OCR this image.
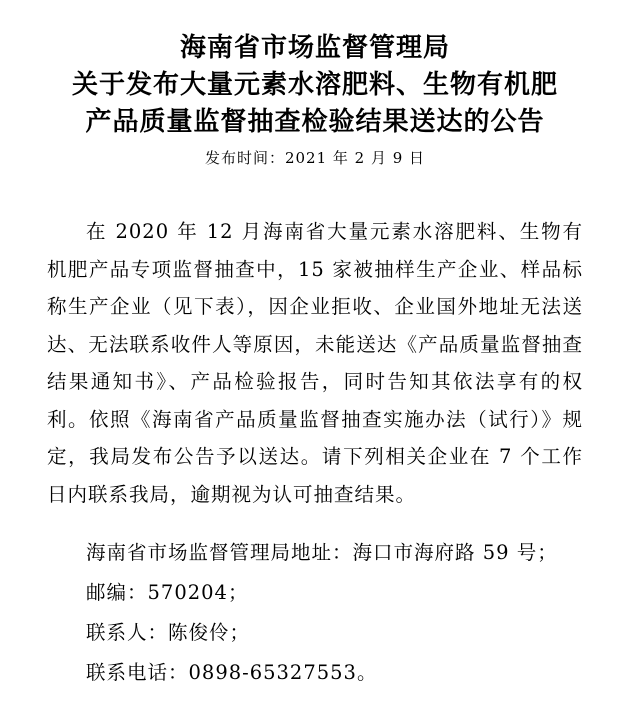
海南省市场监督管理局
关于发布大量元素水溶肥料、生物有机肥
产品质量监督抽查检验结果送达的公告
发布时间：2021 年 2 月 9 日

在 2020 年 12 月海南省大量元素水溶肥料、生物有机肥产品专项监督抽查中，15 家被抽样生产企业、样品标称生产企业（见下表），因企业拒收、企业国外地址无法送达、无法联系收件人等原因，未能送达《产品质量监督抽查结果通知书》、产品检验报告，同时告知其依法享有的权利。依照《海南省产品质量监督抽查实施办法（试行）》规定，我局发布公告予以送达。请下列相关企业在 7 个工作日内联系我局，逾期视为认可抽查结果。

海南省市场监督管理局地址：海口市海府路 59 号；

邮编：570204；

联系人：陈俊伶；

联系电话：0898-65327553。
